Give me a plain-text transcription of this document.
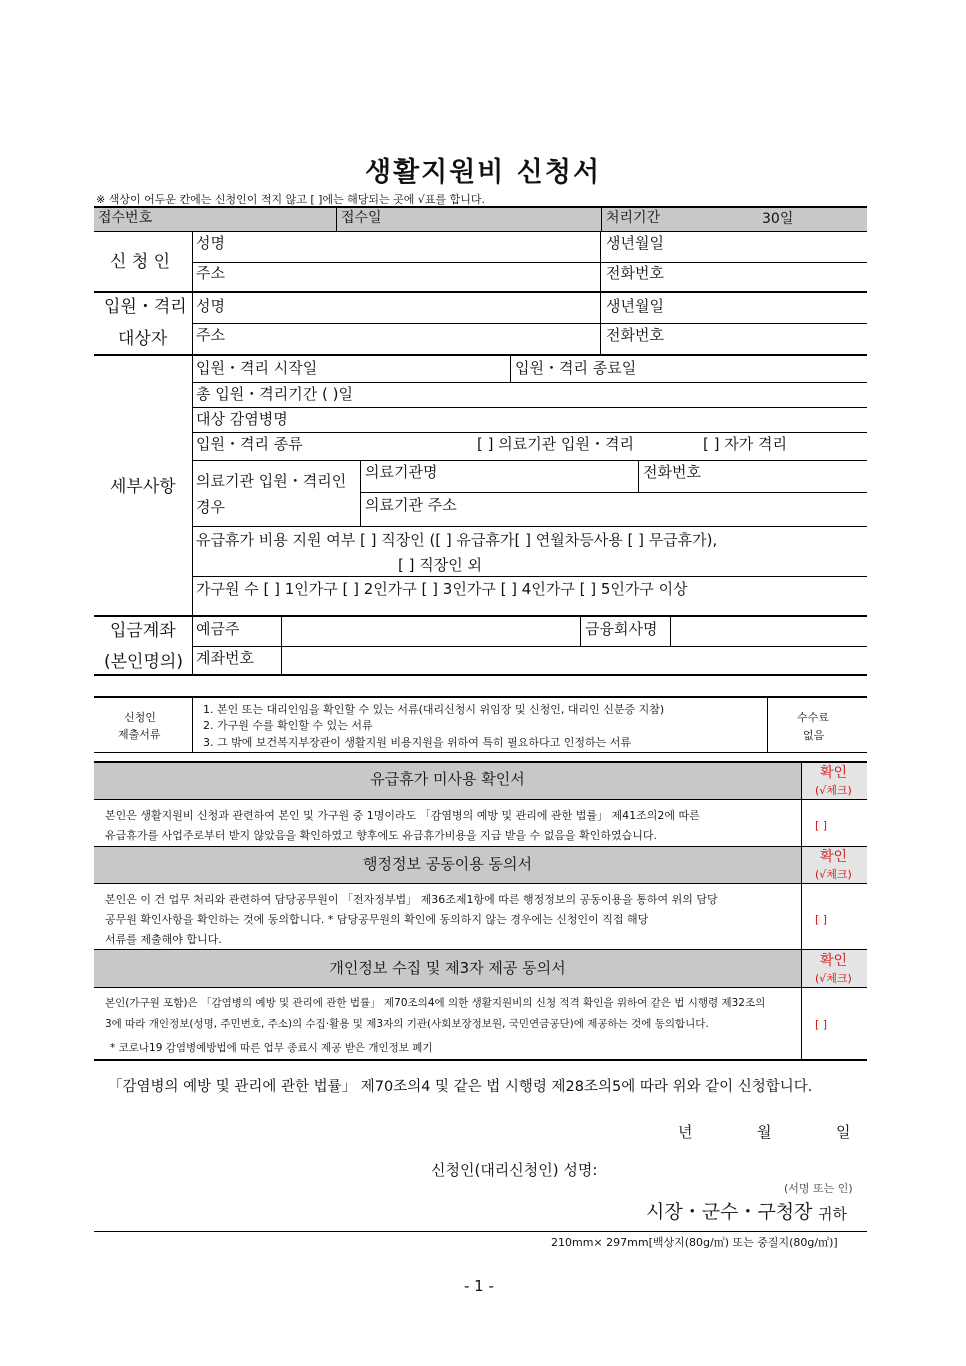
생활지원비 신청서
※ 색상이 어두운 칸에는 신청인이 적지 않고 [ ]에는 해당되는 곳에 √표를 합니다.
접수번호	접수일	처리기간	30일
신 청 인
성명	생년월일
주소	전화번호
입원・격리
대상자
성명	생년월일
주소	전화번호
세부사항
입원・격리 시작일	입원・격리 종료일
총 입원・격리기간 ( )일
대상 감염병명
입원・격리 종류	[ ] 의료기관 입원・격리	[ ] 자가 격리
의료기관 입원・격리인
경우
의료기관명	전화번호
의료기관 주소
유급휴가 비용 지원 여부 [ ] 직장인 ([ ] 유급휴가[ ] 연월차등사용 [ ] 무급휴가),
[ ] 직장인 외
가구원 수 [ ] 1인가구 [ ] 2인가구 [ ] 3인가구 [ ] 4인가구 [ ] 5인가구 이상
입금계좌
(본인명의)
예금주	금융회사명
계좌번호
신청인
제출서류
1. 본인 또는 대리인임을 확인할 수 있는 서류(대리신청시 위임장 및 신청인, 대리인 신분증 지참)
2. 가구원 수를 확인할 수 있는 서류
3. 그 밖에 보건복지부장관이 생활지원 비용지원을 위하여 특히 필요하다고 인정하는 서류
수수료
없음
유급휴가 미사용 확인서	확인
(√체크)
본인은 생활지원비 신청과 관련하여 본인 및 가구원 중 1명이라도 「감염병의 예방 및 관리에 관한 법률」 제41조의2에 따른
유급휴가를 사업주로부터 받지 않았음을 확인하였고 향후에도 유급휴가비용을 지급 받을 수 없음을 확인하였습니다.
[ ]
행정정보 공동이용 동의서	확인
(√체크)
본인은 이 건 업무 처리와 관련하여 담당공무원이 「전자정부법」 제36조제1항에 따른 행정정보의 공동이용을 통하여 위의 담당
공무원 확인사항을 확인하는 것에 동의합니다. * 담당공무원의 확인에 동의하지 않는 경우에는 신청인이 직접 해당
서류를 제출해야 합니다.
[ ]
개인정보 수집 및 제3자 제공 동의서	확인
(√체크)
본인(가구원 포함)은 「감염병의 예방 및 관리에 관한 법률」 제70조의4에 의한 생활지원비의 신청 적격 확인을 위하여 같은 법 시행령 제32조의
3에 따라 개인정보(성명, 주민번호, 주소)의 수집·활용 및 제3자의 기관(사회보장정보원, 국민연금공단)에 제공하는 것에 동의합니다.
* 코로나19 감염병예방법에 따른 업무 종료시 제공 받은 개인정보 폐기
[ ]
「감염병의 예방 및 관리에 관한 법률」 제70조의4 및 같은 법 시행령 제28조의5에 따라 위와 같이 신청합니다.
년	월	일
신청인(대리신청인) 성명:
(서명 또는 인)
시장・군수・구청장 귀하
210mm× 297mm[백상지(80g/㎡) 또는 중질지(80g/㎡)]
- 1 -
